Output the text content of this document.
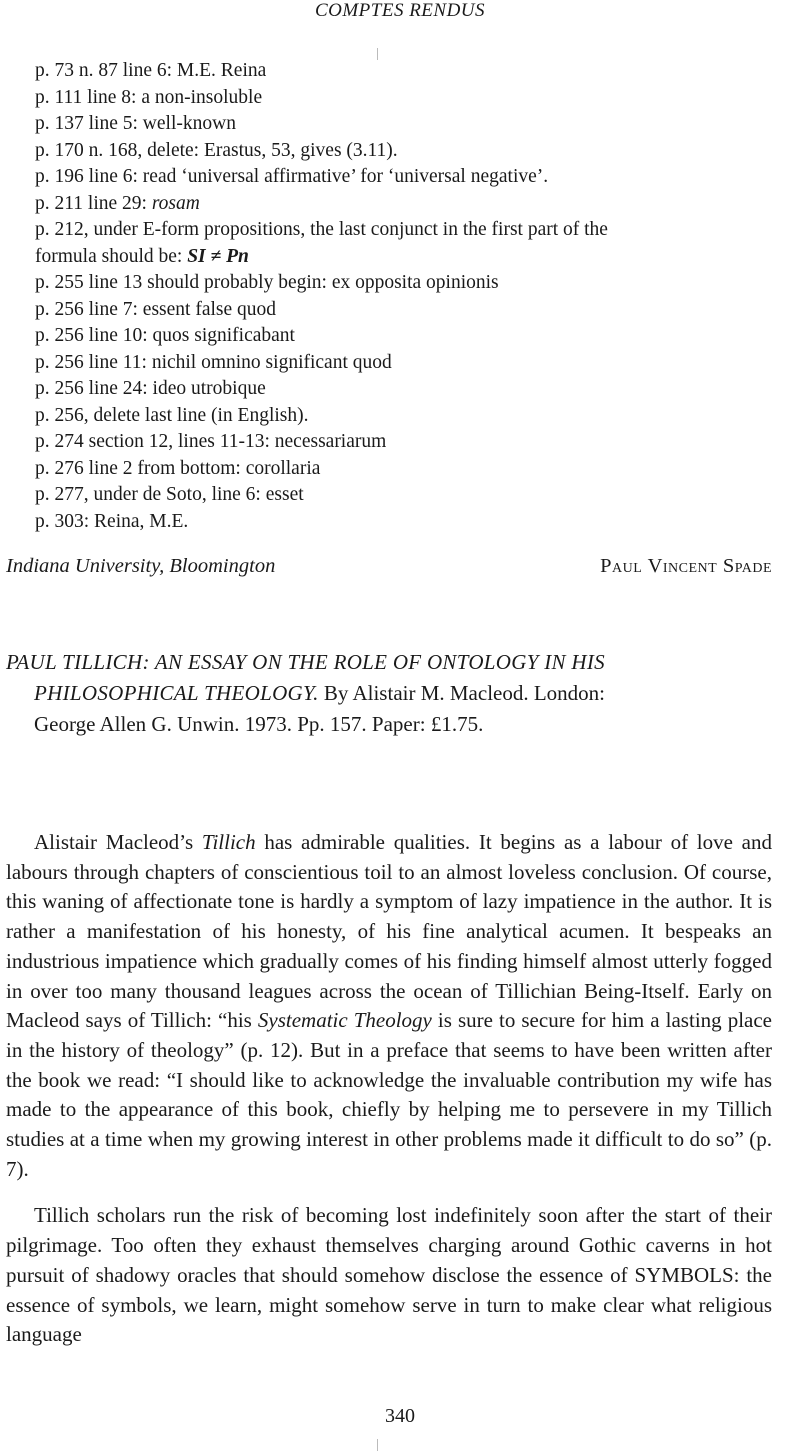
COMPTES RENDUS
p. 73 n. 87 line 6: M.E. Reina
p. 111 line 8: a non-insoluble
p. 137 line 5: well-known
p. 170 n. 168, delete: Erastus, 53, gives (3.11).
p. 196 line 6: read ‘universal affirmative’ for ‘universal negative’.
p. 211 line 29: rosam
p. 212, under E-form propositions, the last conjunct in the first part of the
formula should be: SI ≠ Pn
p. 255 line 13 should probably begin: ex opposita opinionis
p. 256 line 7: essent false quod
p. 256 line 10: quos significabant
p. 256 line 11: nichil omnino significant quod
p. 256 line 24: ideo utrobique
p. 256, delete last line (in English).
p. 274 section 12, lines 11-13: necessariarum
p. 276 line 2 from bottom: corollaria
p. 277, under de Soto, line 6: esset
p. 303: Reina, M.E.
Indiana University, Bloomington	Paul Vincent Spade
PAUL TILLICH: AN ESSAY ON THE ROLE OF ONTOLOGY IN HIS
PHILOSOPHICAL THEOLOGY. By Alistair M. Macleod. London:
George Allen G. Unwin. 1973. Pp. 157. Paper: £1.75.

Alistair Macleod’s Tillich has admirable qualities. It begins as a labour of love and labours through chapters of conscientious toil to an almost loveless conclusion. Of course, this waning of affectionate tone is hardly a symptom of lazy impatience in the author. It is rather a manifestation of his honesty, of his fine analytical acumen. It bespeaks an industrious impatience which gradually comes of his finding himself almost utterly fogged in over too many thousand leagues across the ocean of Tillichian Being-Itself. Early on Macleod says of Tillich: “his Systematic Theology is sure to secure for him a lasting place in the history of theology” (p. 12). But in a preface that seems to have been written after the book we read: “I should like to acknowledge the invaluable contribution my wife has made to the appearance of this book, chiefly by helping me to persevere in my Tillich studies at a time when my growing interest in other problems made it difficult to do so” (p. 7).

Tillich scholars run the risk of becoming lost indefinitely soon after the start of their pilgrimage. Too often they exhaust themselves charging around Gothic caverns in hot pursuit of shadowy oracles that should somehow disclose the essence of SYMBOLS: the essence of symbols, we learn, might somehow serve in turn to make clear what religious language

340
